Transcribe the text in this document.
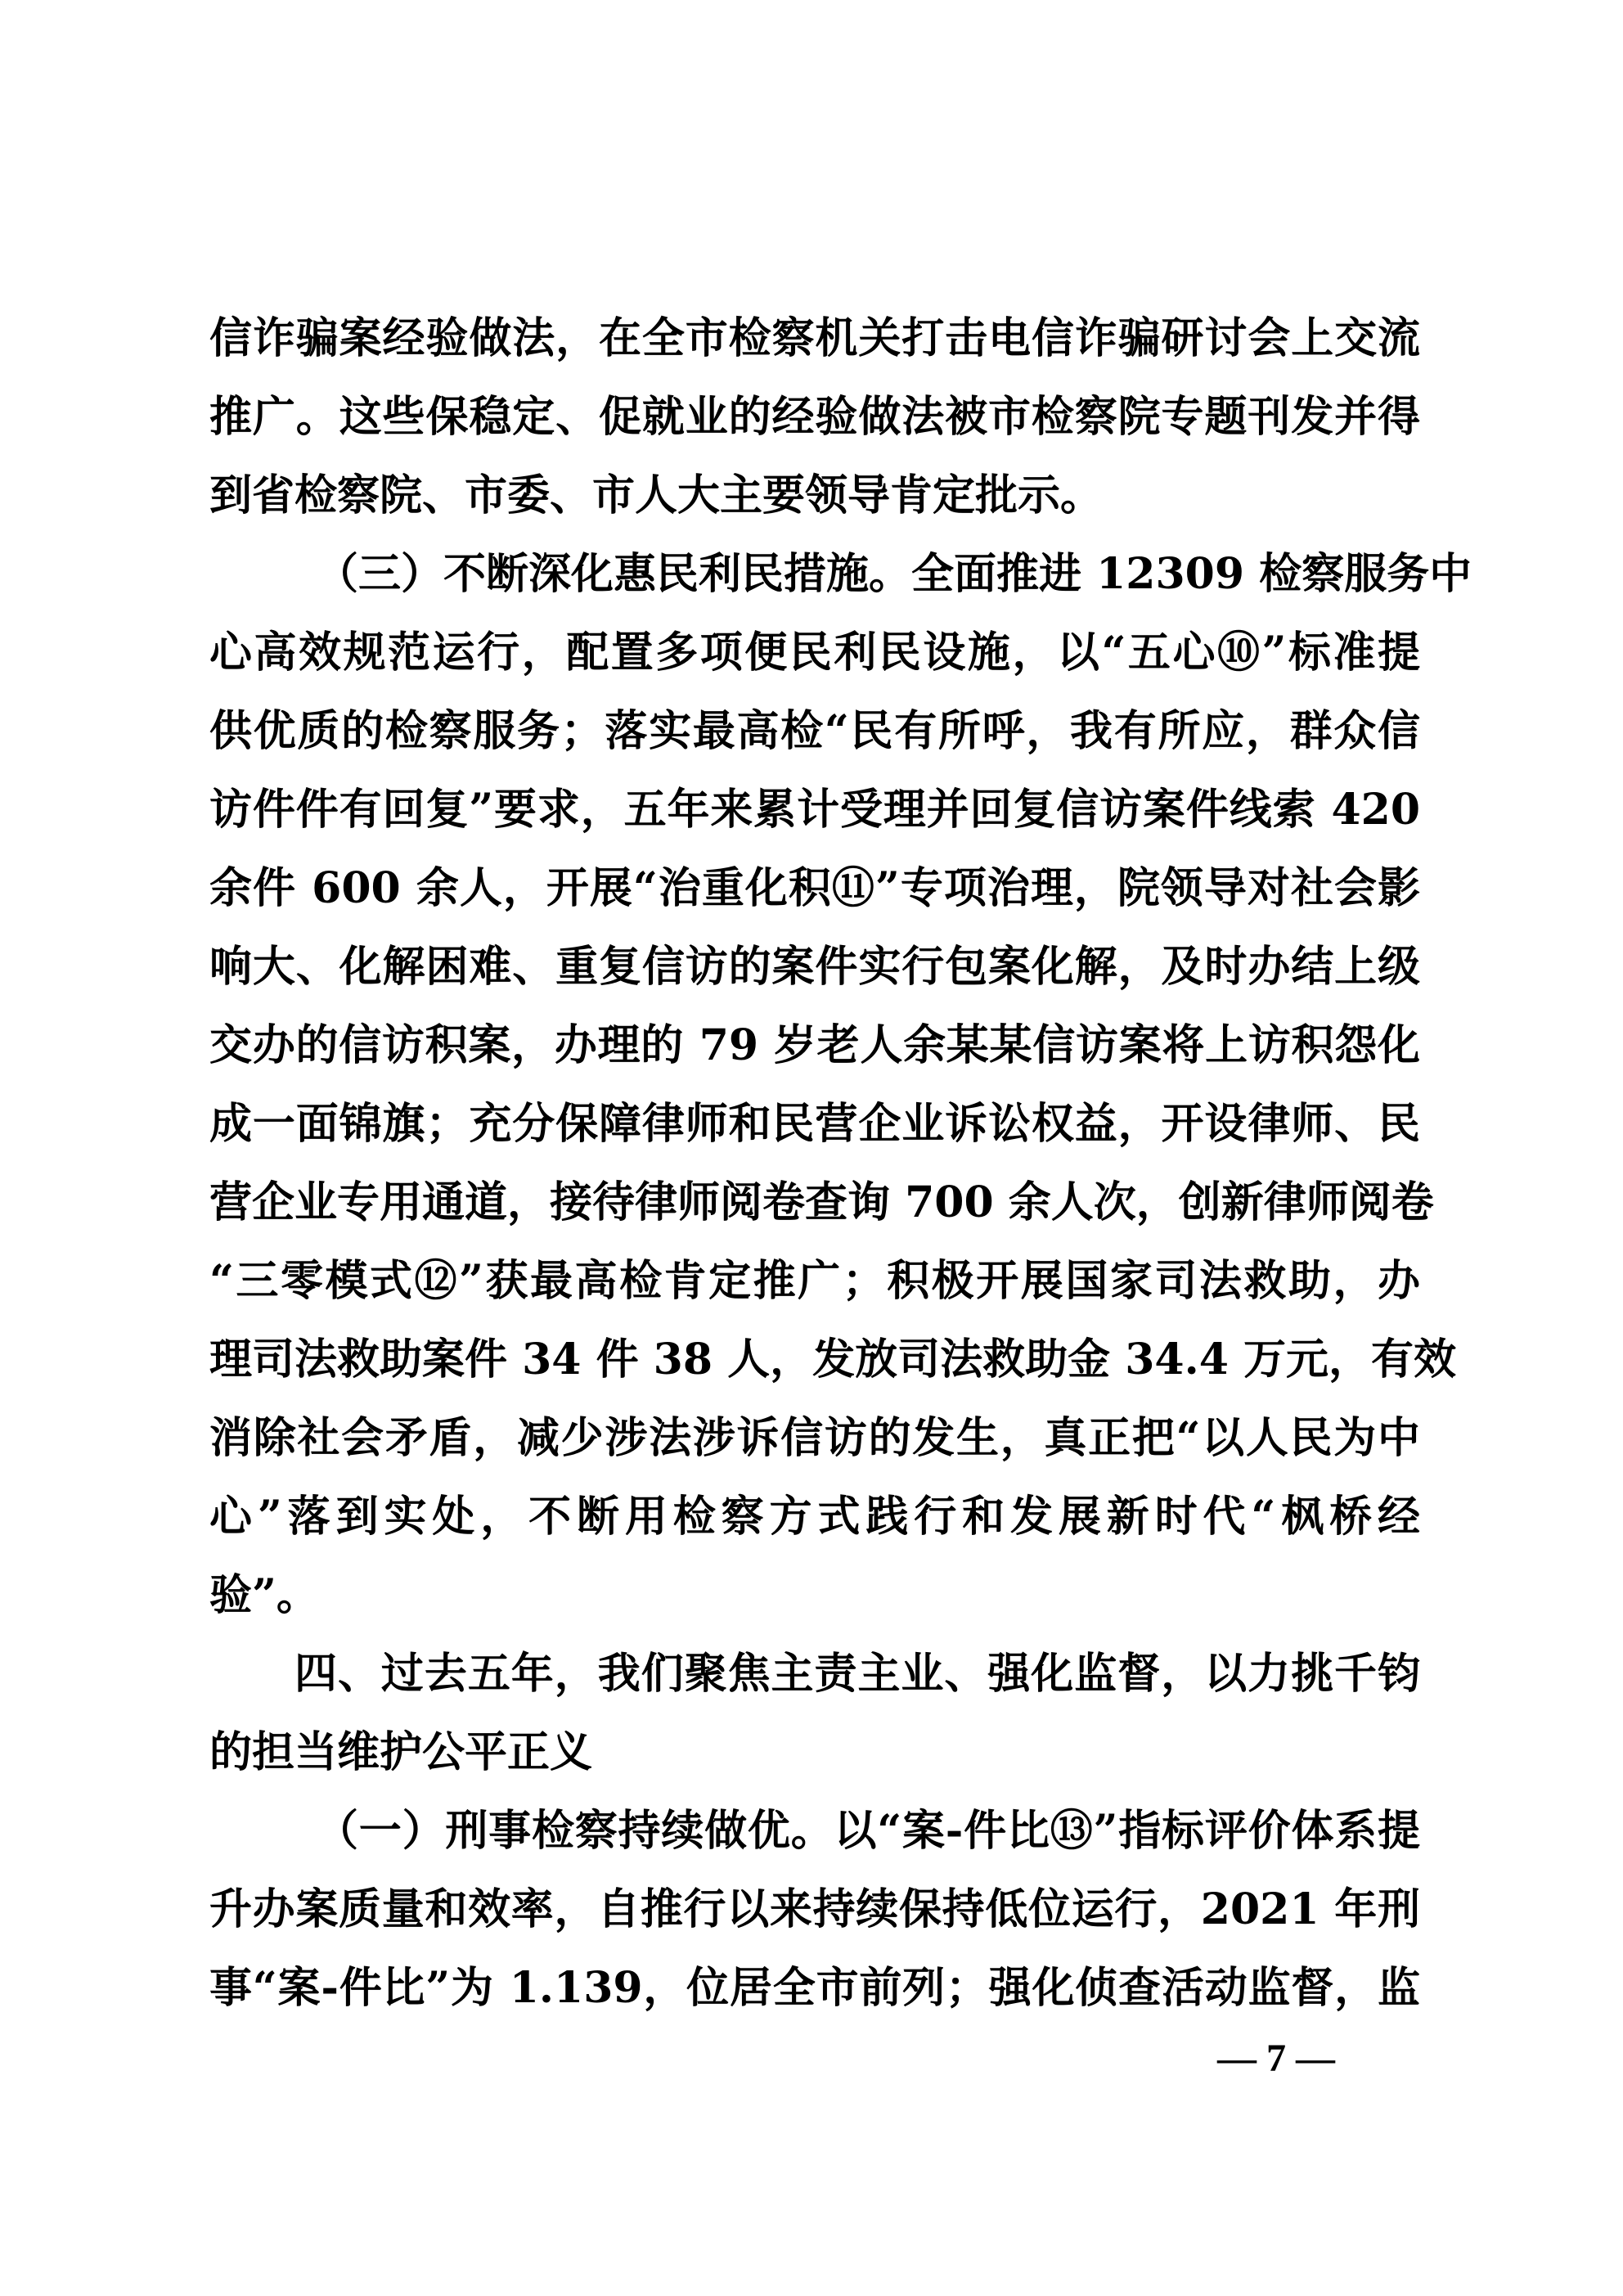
信诈骗案经验做法，在全市检察机关打击电信诈骗研讨会上交流
推广。这些保稳定、促就业的经验做法被市检察院专题刊发并得
到省检察院、市委、市人大主要领导肯定批示。
（三）不断深化惠民利民措施。全面推进 12309 检察服务中
心高效规范运行，配置多项便民利民设施，以“五心⑩”标准提
供优质的检察服务；落实最高检“民有所呼，我有所应，群众信
访件件有回复”要求，五年来累计受理并回复信访案件线索 420
余件 600 余人，开展“治重化积⑪”专项治理，院领导对社会影
响大、化解困难、重复信访的案件实行包案化解，及时办结上级
交办的信访积案，办理的 79 岁老人余某某信访案将上访积怨化
成一面锦旗；充分保障律师和民营企业诉讼权益，开设律师、民
营企业专用通道，接待律师阅卷查询 700 余人次，创新律师阅卷
“三零模式⑫”获最高检肯定推广；积极开展国家司法救助，办
理司法救助案件 34 件 38 人，发放司法救助金 34.4 万元，有效
消除社会矛盾，减少涉法涉诉信访的发生，真正把“以人民为中
心”落到实处，不断用检察方式践行和发展新时代“枫桥经
验”。
四、过去五年，我们聚焦主责主业、强化监督，以力挑千钧
的担当维护公平正义
（一）刑事检察持续做优。以“案-件比⑬”指标评价体系提
升办案质量和效率，自推行以来持续保持低位运行，2021 年刑
事“案-件比”为 1.139，位居全市前列；强化侦查活动监督，监
— 7 —
